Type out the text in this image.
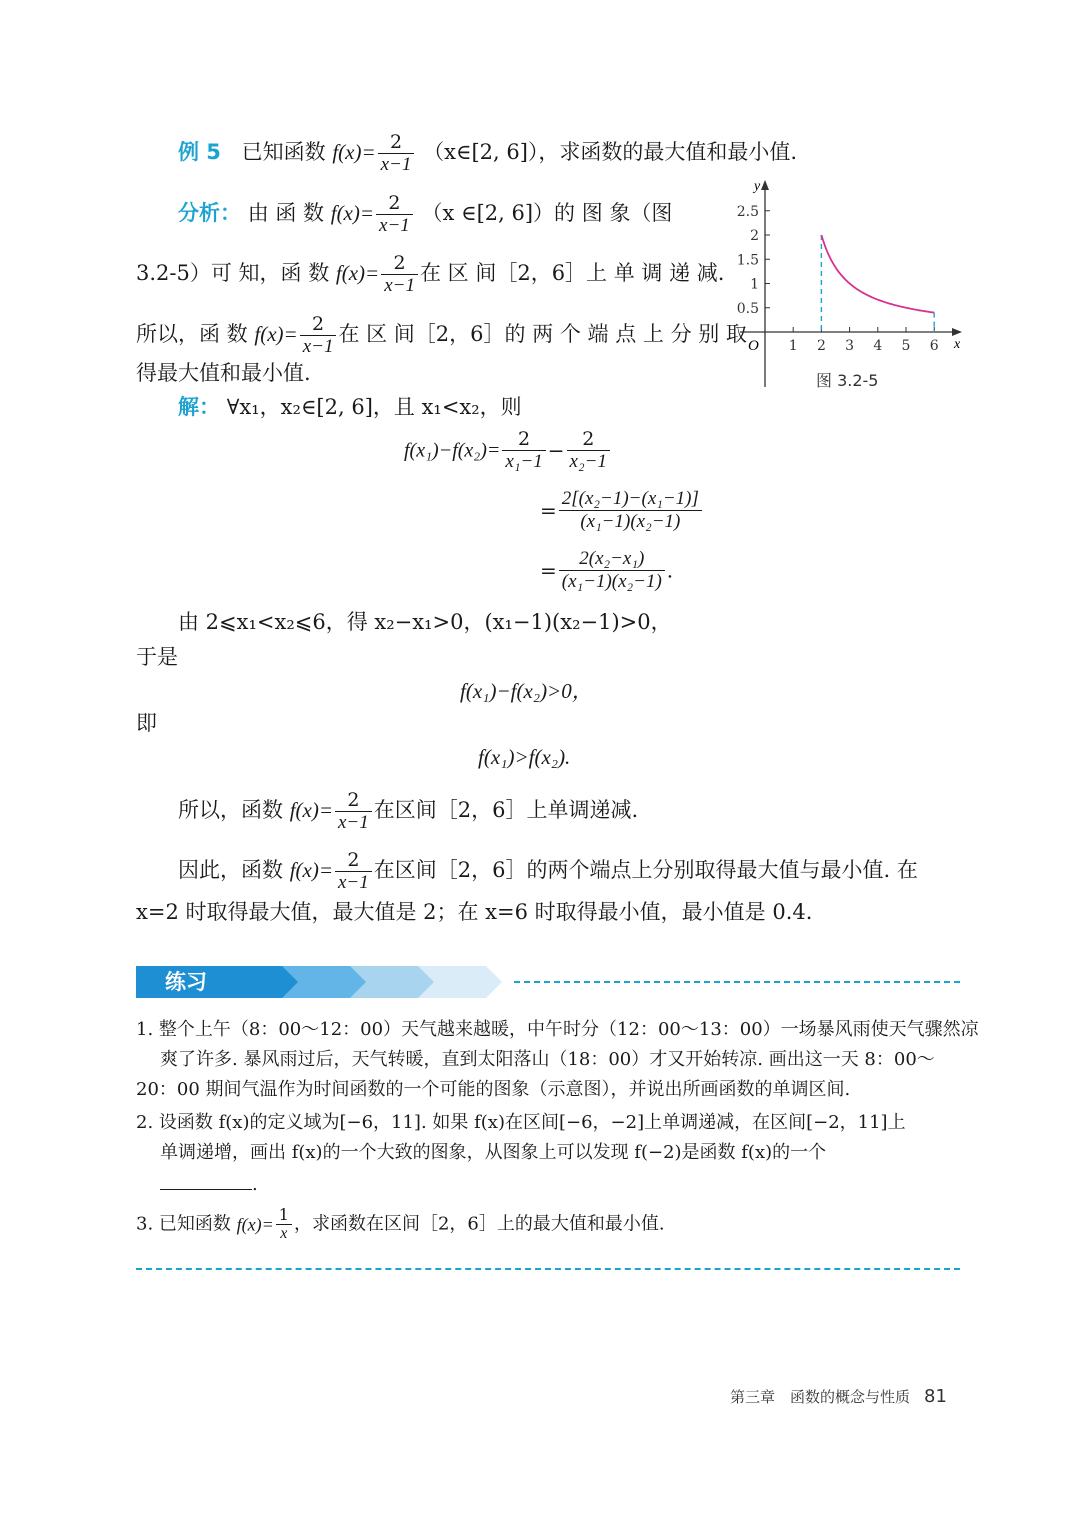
例 5 已知函数 $f(x)= \frac{2}{x-1}$ （x∈[2, 6]），求函数的最大值和最小值.
分析： 由 函 数 $f(x)= \frac{2}{x-1} (x$ ∈[2, 6]）的 图 象（图
3.2-5）可 知，函 数 $f(x)= \frac{2}{x-1}$ 在 区 间［2，6］上 单 调 递 减.
所以，函 数 $f(x)= \frac{2}{x-1}$ 在 区 间［2，6］的 两 个 端 点 上 分 别 取
得最大值和最小值.
y
x
O
2.5
2
1.5
1
0.5
1 2 3 4 5 6
图 3.2-5
解： ∀x₁，x₂∈[2, 6]，且 x₁<x₂，则
$f(x_1)-f(x_2)= \frac{2}{\text{x₁−1}} - \frac{2}{\text{x₂−1}}$
= $\frac{\text{2[(x₂−1)−(x₁−1)]}}{\text{(x₁−1)(x₂−1)}}$
= $\frac{\text{2(x₂−x₁)}}{\text{(x₁−1)(x₂−1)}}$ .
由 2⩽x₁<x₂⩽6，得 x₂−x₁>0，(x₁−1)(x₂−1)>0，
于是
f(x₁)−f(x₂)>0，
即
f(x₁)>f(x₂).
所以，函数 $f(x)= \frac{2}{x-1}$ 在区间［2，6］上单调递减.
因此，函数 $f(x)= \frac{2}{x-1}$ 在区间［2，6］的两个端点上分别取得最大值与最小值. 在
x=2 时取得最大值，最大值是 2；在 x=6 时取得最小值，最小值是 0.4.
练习
1. 整个上午（8：00～12：00）天气越来越暖，中午时分（12：00～13：00）一场暴风雨使天气骤然凉
爽了许多. 暴风雨过后，天气转暖，直到太阳落山（18：00）才又开始转凉. 画出这一天 8：00～
20：00 期间气温作为时间函数的一个可能的图象（示意图），并说出所画函数的单调区间.
2. 设函数 f(x)的定义域为[−6，11]. 如果 f(x)在区间[−6，−2]上单调递减，在区间[−2，11]上
单调递增，画出 f(x)的一个大致的图象，从图象上可以发现 f(−2)是函数 f(x)的一个
.
3. 已知函数 $f(x)= \frac{1}{x}$ ，求函数在区间［2，6］上的最大值和最小值.
第三章　函数的概念与性质 81
